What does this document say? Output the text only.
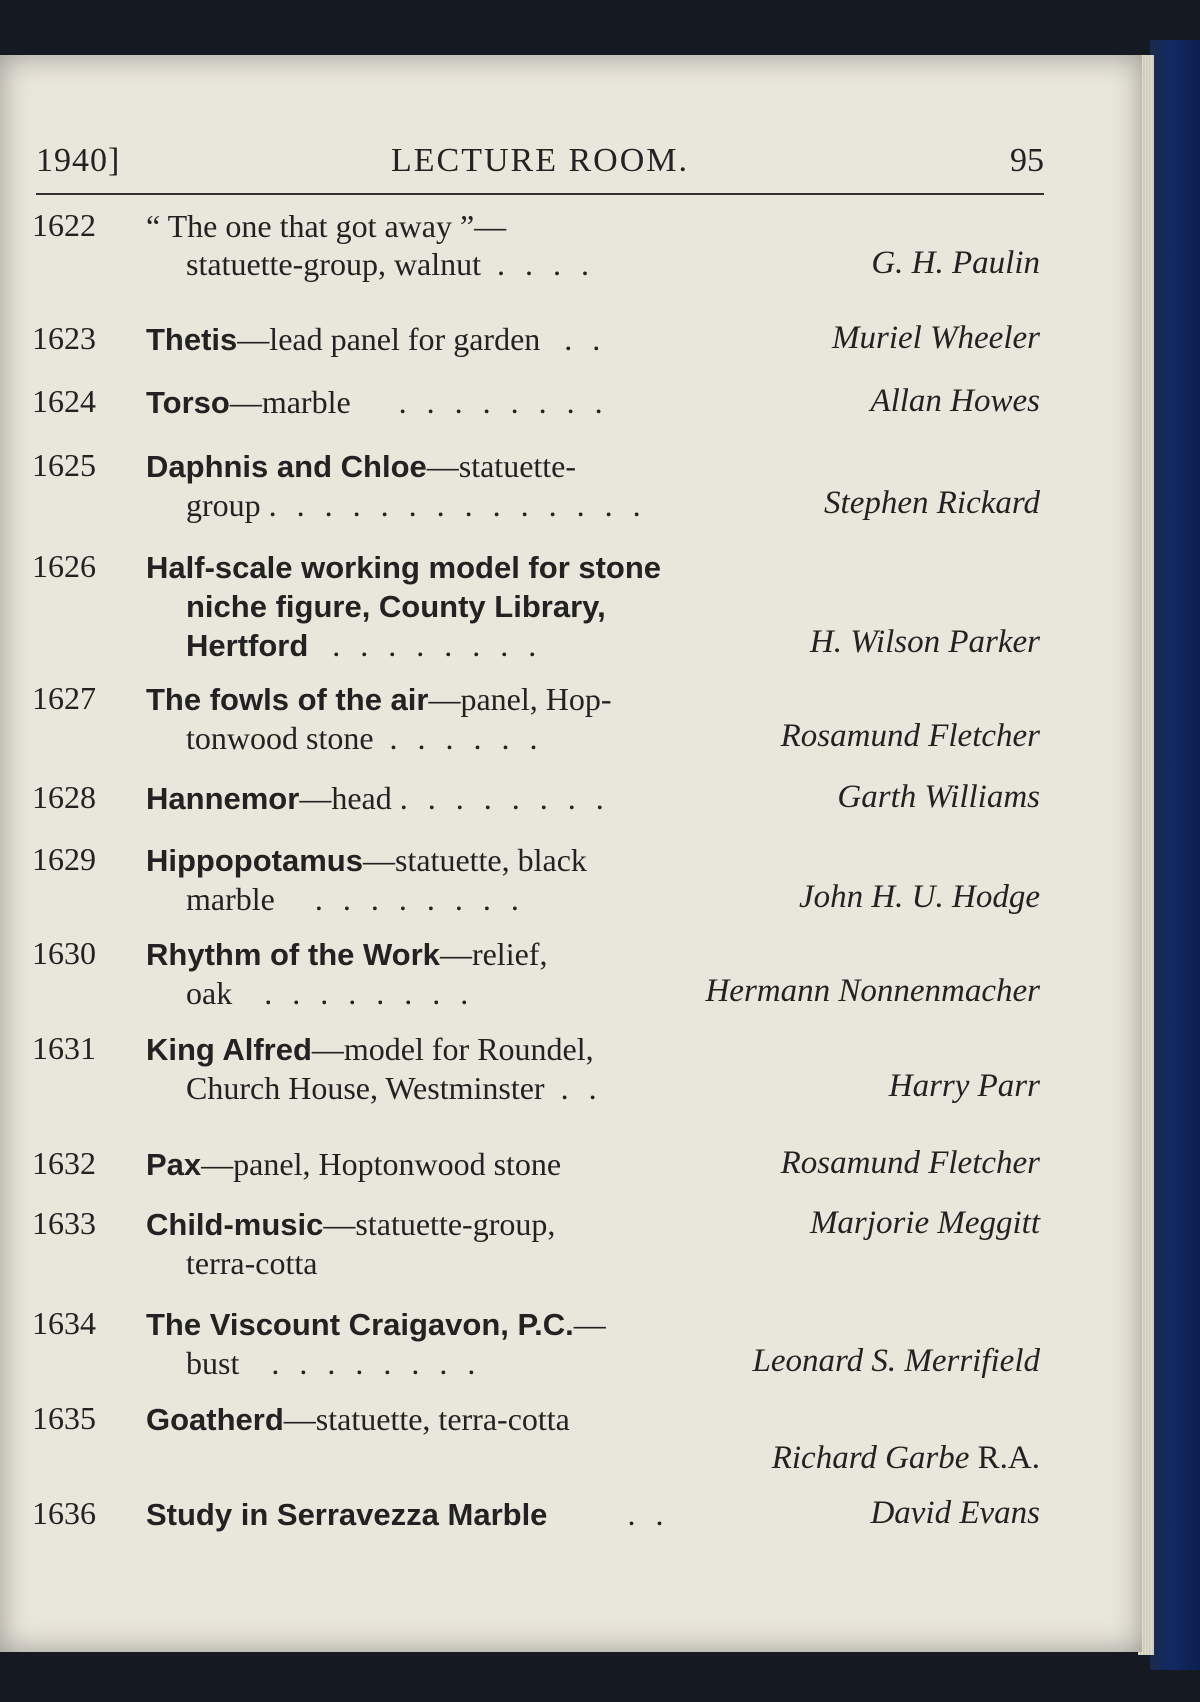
1940]	LECTURE ROOM.	95
1622 “ The one that got away ”—
statuette-group, walnut . . . .	G. H. Paulin
1623 Thetis—lead panel for garden . .	Muriel Wheeler
1624 Torso—marble . . . . . . . .	Allan Howes
1625 Daphnis and Chloe—statuette-
group . . . . . . . . . . . . . .	Stephen Rickard
1626 Half-scale working model for stone
niche figure, County Library,
Hertford . . . . . . . .	H. Wilson Parker
1627 The fowls of the air—panel, Hop-
tonwood stone . . . . . .	Rosamund Fletcher
1628 Hannemor—head . . . . . . . .	Garth Williams
1629 Hippopotamus—statuette, black
marble . . . . . . . .	John H. U. Hodge
1630 Rhythm of the Work—relief,
oak . . . . . . . .	Hermann Nonnenmacher
1631 King Alfred—model for Roundel,
Church House, Westminster . .	Harry Parr
1632 Pax—panel, Hoptonwood stone	Rosamund Fletcher
1633 Child-music—statuette-group,
terra-cotta
Marjorie Meggitt
1634 The Viscount Craigavon, P.C.—
bust . . . . . . . .	Leonard S. Merrifield
1635 Goatherd—statuette, terra-cotta
Richard Garbe R.A.
1636 Study in Serravezza Marble	. .	David Evans
